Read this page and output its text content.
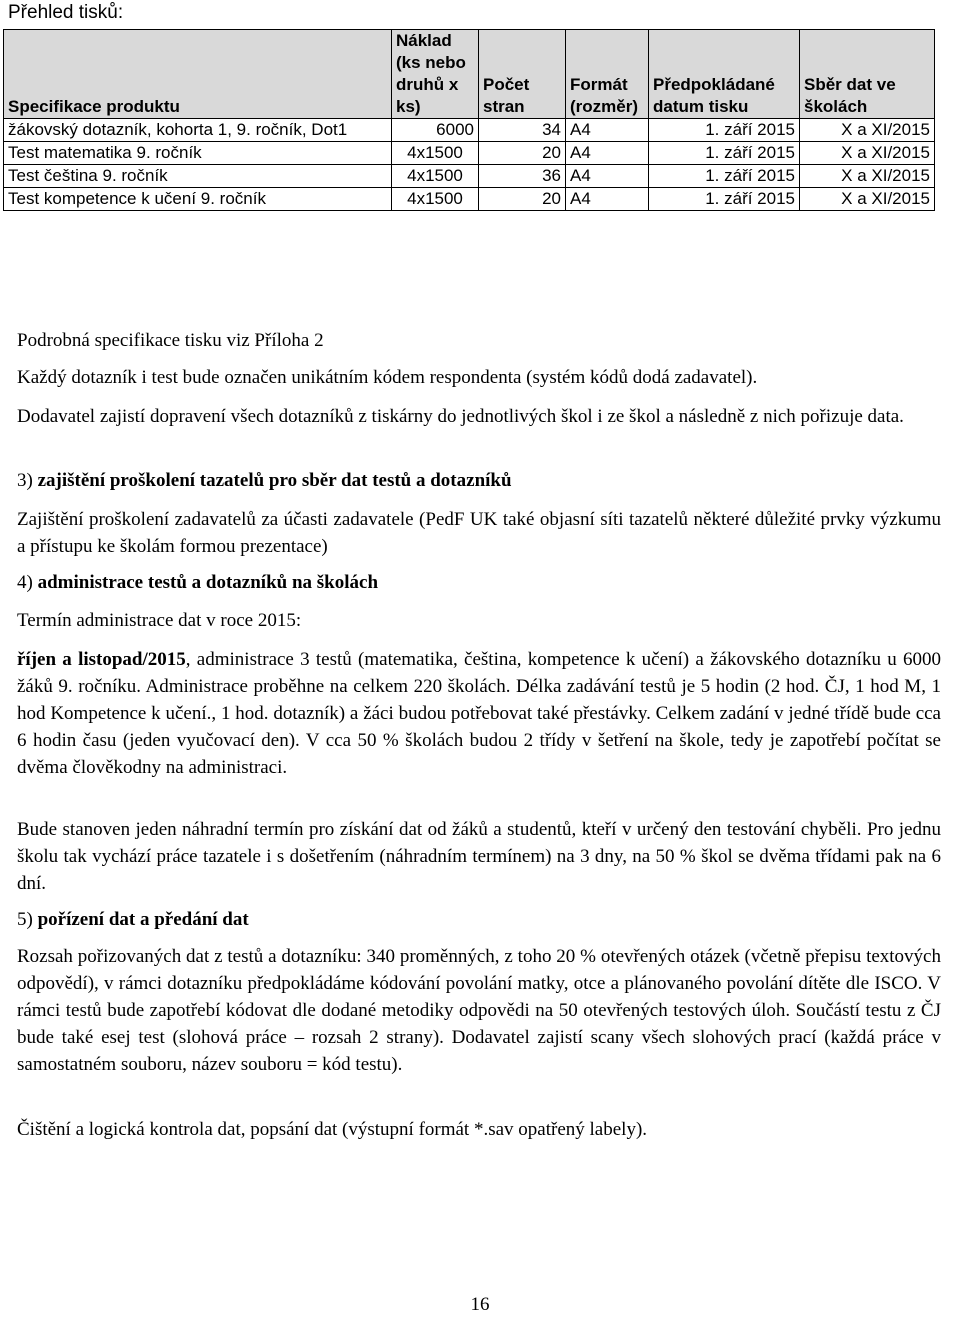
Přehled tisků:
Specifikace produktu	Náklad (ks nebo druhů x ks)	Počet stran	Formát (rozměr)	Předpokládané datum tisku	Sběr dat ve školách
žákovský dotazník, kohorta 1, 9. ročník, Dot1	6000	34	A4	1. září 2015	X a XI/2015
Test matematika 9. ročník	4x1500	20	A4	1. září 2015	X a XI/2015
Test čeština 9. ročník	4x1500	36	A4	1. září 2015	X a XI/2015
Test kompetence k učení 9. ročník	4x1500	20	A4	1. září 2015	X a XI/2015

Podrobná specifikace tisku viz Příloha 2

Každý dotazník i test bude označen unikátním kódem respondenta (systém kódů dodá zadavatel).

Dodavatel zajistí dopravení všech dotazníků z tiskárny do jednotlivých škol i ze škol a následně z nich pořizuje data.

3) zajištění proškolení tazatelů pro sběr dat testů a dotazníků

Zajištění proškolení zadavatelů za účasti zadavatele (PedF UK také objasní síti tazatelů některé důležité prvky výzkumu a přístupu ke školám formou prezentace)

4) administrace testů a dotazníků na školách

Termín administrace dat v roce 2015:

říjen a listopad/2015, administrace 3 testů (matematika, čeština, kompetence k učení) a žákovského dotazníku u 6000 žáků 9. ročníku. Administrace proběhne na celkem 220 školách. Délka zadávání testů je 5 hodin (2 hod. ČJ, 1 hod M, 1 hod Kompetence k učení., 1 hod. dotazník) a žáci budou potřebovat také přestávky. Celkem zadání v jedné třídě bude cca 6 hodin času (jeden vyučovací den). V cca 50 % školách budou 2 třídy v šetření na škole, tedy je zapotřebí počítat se dvěma člověkodny na administraci.

Bude stanoven jeden náhradní termín pro získání dat od žáků a studentů, kteří v určený den testování chyběli. Pro jednu školu tak vychází práce tazatele i s došetřením (náhradním termínem) na 3 dny, na 50 % škol se dvěma třídami pak na 6 dní.

5) pořízení dat a předání dat

Rozsah pořizovaných dat z testů a dotazníku: 340 proměnných, z toho 20 % otevřených otázek (včetně přepisu textových odpovědí), v rámci dotazníku předpokládáme kódování povolání matky, otce a plánovaného povolání dítěte dle ISCO. V rámci testů bude zapotřebí kódovat dle dodané metodiky odpovědi na 50 otevřených testových úloh. Součástí testu z ČJ bude také esej test (slohová práce – rozsah 2 strany). Dodavatel zajistí scany všech slohových prací (každá práce v samostatném souboru, název souboru = kód testu).

Čištění a logická kontrola dat, popsání dat (výstupní formát *.sav opatřený labely).

16
